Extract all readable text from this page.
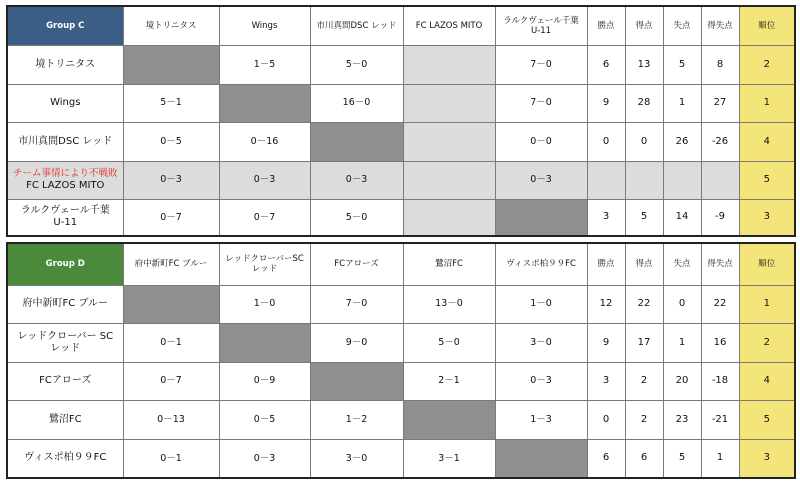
Group C	境トリニタス	Wings	市川真間DSC レッド	FC LAZOS MITO	ラルクヴェール千葉
U-11	勝点	得点	失点	得失点	順位
境トリニタス		1－5	5－0		7－0	6	13	5	8	2
Wings	5－1		16－0		7－0	9	28	1	27	1
市川真間DSC レッド	0－5	0－16			0－0	0	0	26	-26	4

チーム事情により不戦敗
FC LAZOS MITO	0－3	0－3	0－3		0－3					5
ラルクヴェール千葉
U-11	0－7	0－7	5－0			3	5	14	-9	3
Group D	府中新町FC ブルー	レッドクローバーSC
レッド	FCアローズ	鷺沼FC	ヴィスポ柏９９FC	勝点	得点	失点	得失点	順位
府中新町FC ブルー		1－0	7－0	13－0	1－0	12	22	0	22	1
レッドクローバー SC
レッド	0－1		9－0	5－0	3－0	9	17	1	16	2
FCアローズ	0－7	0－9		2－1	0－3	3	2	20	-18	4
鷺沼FC	0－13	0－5	1－2		1－3	0	2	23	-21	5
ヴィスポ柏９９FC	0－1	0－3	3－0	3－1		6	6	5	1	3
